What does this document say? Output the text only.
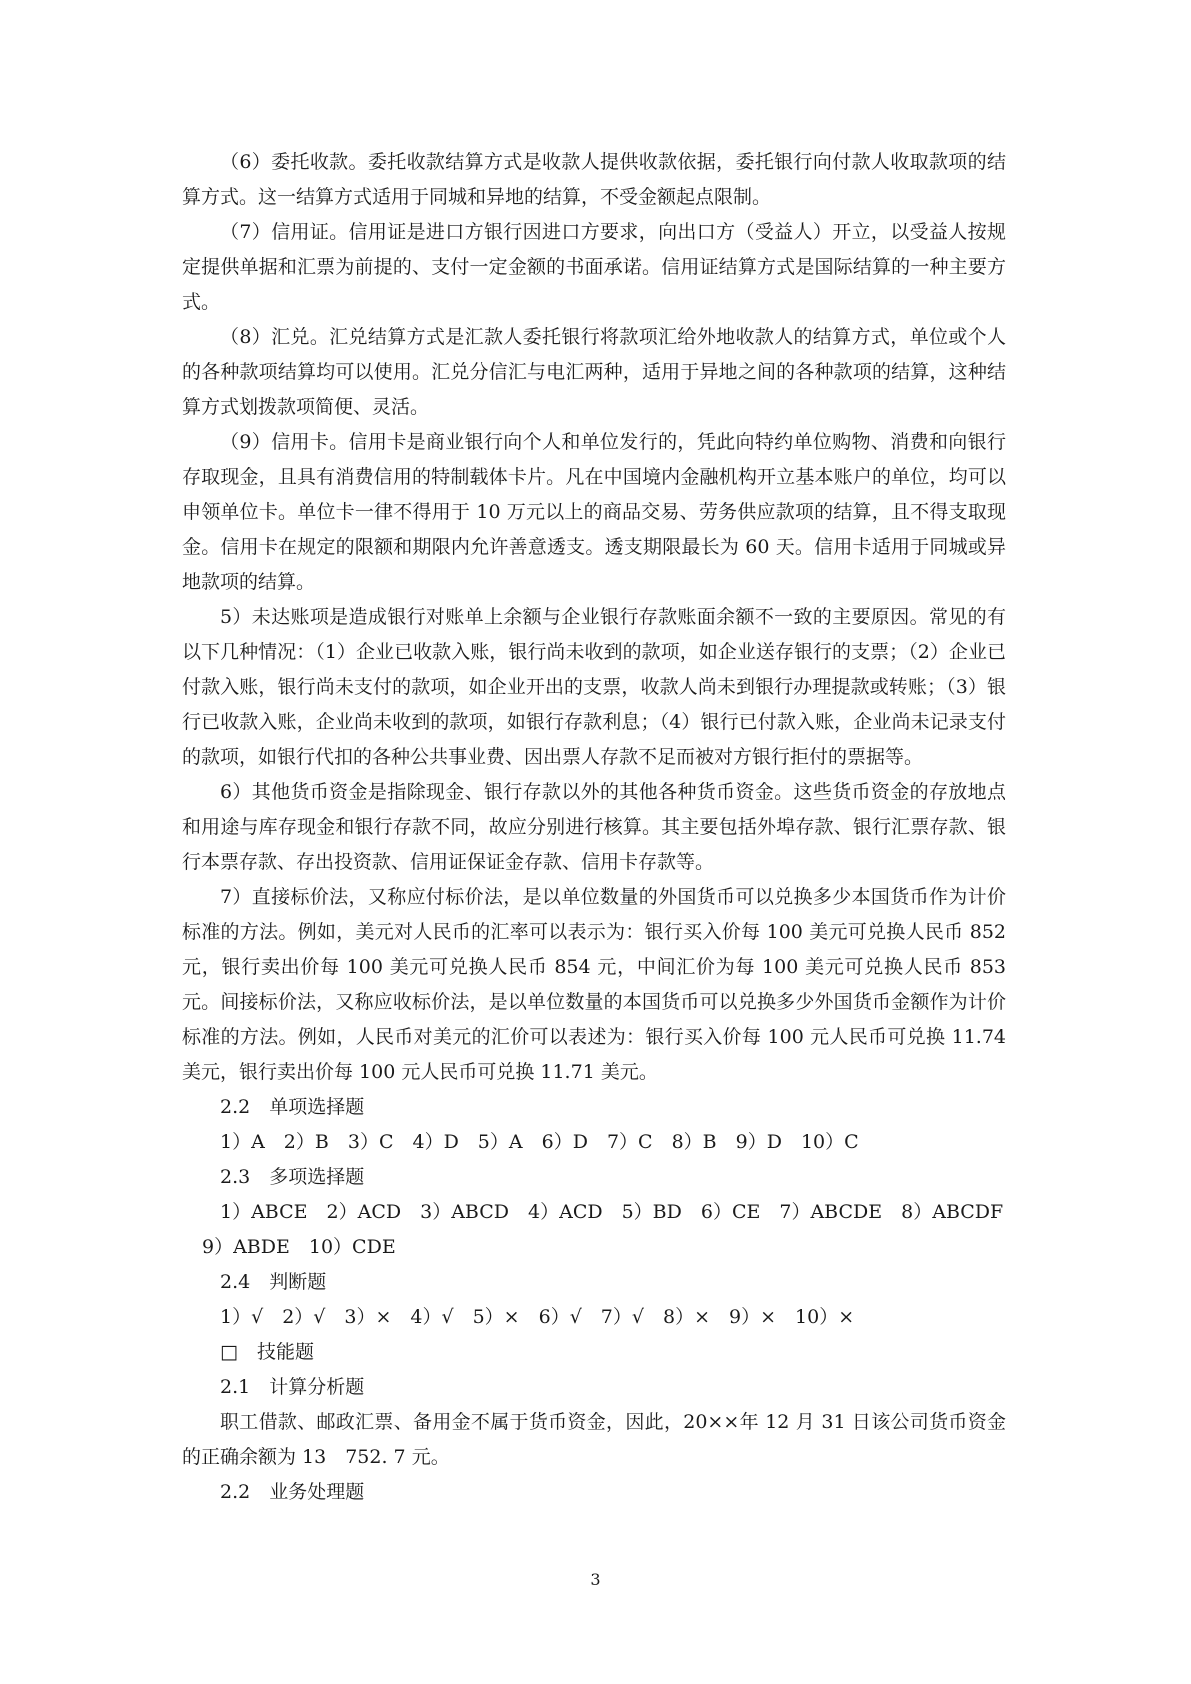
（6）委托收款。委托收款结算方式是收款人提供收款依据，委托银行向付款人收取款项的结算方式。这一结算方式适用于同城和异地的结算，不受金额起点限制。

（7）信用证。信用证是进口方银行因进口方要求，向出口方（受益人）开立，以受益人按规定提供单据和汇票为前提的、支付一定金额的书面承诺。信用证结算方式是国际结算的一种主要方式。

（8）汇兑。汇兑结算方式是汇款人委托银行将款项汇给外地收款人的结算方式，单位或个人的各种款项结算均可以使用。汇兑分信汇与电汇两种，适用于异地之间的各种款项的结算，这种结算方式划拨款项简便、灵活。

（9）信用卡。信用卡是商业银行向个人和单位发行的，凭此向特约单位购物、消费和向银行存取现金，且具有消费信用的特制载体卡片。凡在中国境内金融机构开立基本账户的单位，均可以申领单位卡。单位卡一律不得用于 10 万元以上的商品交易、劳务供应款项的结算，且不得支取现金。信用卡在规定的限额和期限内允许善意透支。透支期限最长为 60 天。信用卡适用于同城或异地款项的结算。

5）未达账项是造成银行对账单上余额与企业银行存款账面余额不一致的主要原因。常见的有以下几种情况：（1）企业已收款入账，银行尚未收到的款项，如企业送存银行的支票；（2）企业已付款入账，银行尚未支付的款项，如企业开出的支票，收款人尚未到银行办理提款或转账；（3）银行已收款入账，企业尚未收到的款项，如银行存款利息；（4）银行已付款入账，企业尚未记录支付的款项，如银行代扣的各种公共事业费、因出票人存款不足而被对方银行拒付的票据等。

6）其他货币资金是指除现金、银行存款以外的其他各种货币资金。这些货币资金的存放地点和用途与库存现金和银行存款不同，故应分别进行核算。其主要包括外埠存款、银行汇票存款、银行本票存款、存出投资款、信用证保证金存款、信用卡存款等。

7）直接标价法，又称应付标价法，是以单位数量的外国货币可以兑换多少本国货币作为计价标准的方法。例如，美元对人民币的汇率可以表示为：银行买入价每 100 美元可兑换人民币 852 元，银行卖出价每 100 美元可兑换人民币 854 元，中间汇价为每 100 美元可兑换人民币 853 元。间接标价法，又称应收标价法，是以单位数量的本国货币可以兑换多少外国货币金额作为计价标准的方法。例如，人民币对美元的汇价可以表述为：银行买入价每 100 元人民币可兑换 11.74 美元，银行卖出价每 100 元人民币可兑换 11.71 美元。

2.2　单项选择题

1）A　2）B　3）C　4）D　5）A　6）D　7）C　8）B　9）D　10）C

2.3　多项选择题

1）ABCE　2）ACD　3）ABCD　4）ACD　5）BD　6）CE　7）ABCDE　8）ABCDF

9）ABDE　10）CDE

2.4　判断题

1）√　2）√　3）×　4）√　5）×　6）√　7）√　8）×　9）×　10）×

□　技能题

2.1　计算分析题

职工借款、邮政汇票、备用金不属于货币资金，因此，20××年 12 月 31 日该公司货币资金的正确余额为 13　752. 7 元。

2.2　业务处理题

3
